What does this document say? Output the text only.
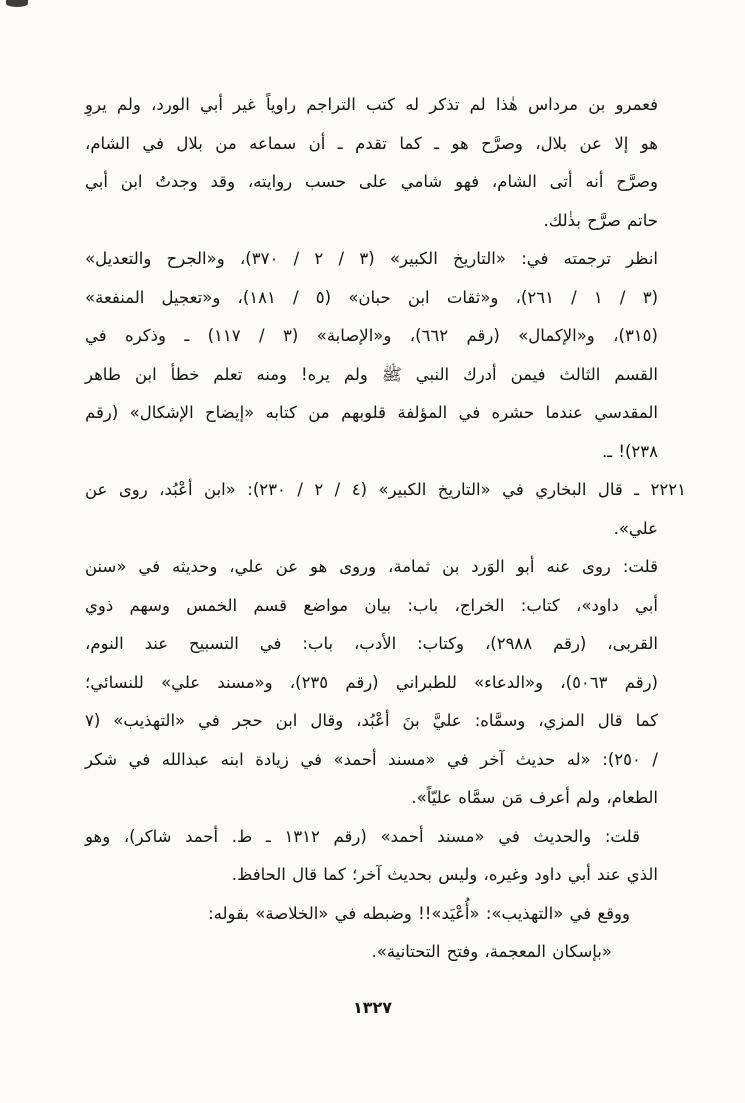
فعمرو بن مرداس هٰذا لم تذكر له كتب التراجم راوياً غير أبي الورد، ولم يروِ
هو إلا عن بلال، وصرَّح هو ـ كما تقدم ـ أن سماعه من بلال في الشام،
وصرَّح أنه أتى الشام، فهو شامي على حسب روايته، وقد وجدتُ ابن أبي
حاتم صرَّح بذٰلك.
انظر ترجمته في: «التاريخ الكبير» (٣ / ٢ / ٣٧٠)، و«الجرح والتعديل»
(٣ / ١ / ٢٦١)، و«ثقات ابن حبان» (٥ / ١٨١)، و«تعجيل المنفعة»
(٣١٥)، و«الإكمال» (رقم ٦٦٢)، و«الإصابة» (٣ / ١١٧) ـ وذكره في
القسم الثالث فيمن أدرك النبي ﷺ ولم يره! ومنه تعلم خطأ ابن طاهر
المقدسي عندما حشره في المؤلفة قلوبهم من كتابه «إيضاح الإشكال» (رقم
٢٣٨)! ـ.
٢٢٢١ ـ قال البخاري في «التاريخ الكبير» (٤ / ٢ / ٢٣٠): «ابن أعْبُد، روى عن
علي».
قلت: روى عنه أبو الوَرد بن ثمامة، وروى هو عن علي، وحديثه في «سنن
أبي داود»، كتاب: الخراج، باب: بيان مواضع قسم الخمس وسهم ذوي
القربى، (رقم ٢٩٨٨)، وكتاب: الأدب، باب: في التسبيح عند النوم،
(رقم ٥٠٦٣)، و«الدعاء» للطبراني (رقم ٢٣٥)، و«مسند علي» للنسائي؛
كما قال المزي، وسمَّاه: عليَّ بنَ أعْبُد، وقال ابن حجر في «التهذيب» (٧
/ ٢٥٠): «له حديث آخر في «مسند أحمد» في زيادة ابنه عبدالله في شكر
الطعام، ولم أعرف مَن سمَّاه عليّاً».
قلت: والحديث في «مسند أحمد» (رقم ١٣١٢ ـ ط. أحمد شاكر)، وهو
الذي عند أبي داود وغيره، وليس بحديث آخر؛ كما قال الحافظ.
ووقع في «التهذيب»: «أُعْيَد»!! وضبطه في «الخلاصة» بقوله:
«بإسكان المعجمة، وفتح التحتانية».
١٣٢٧
